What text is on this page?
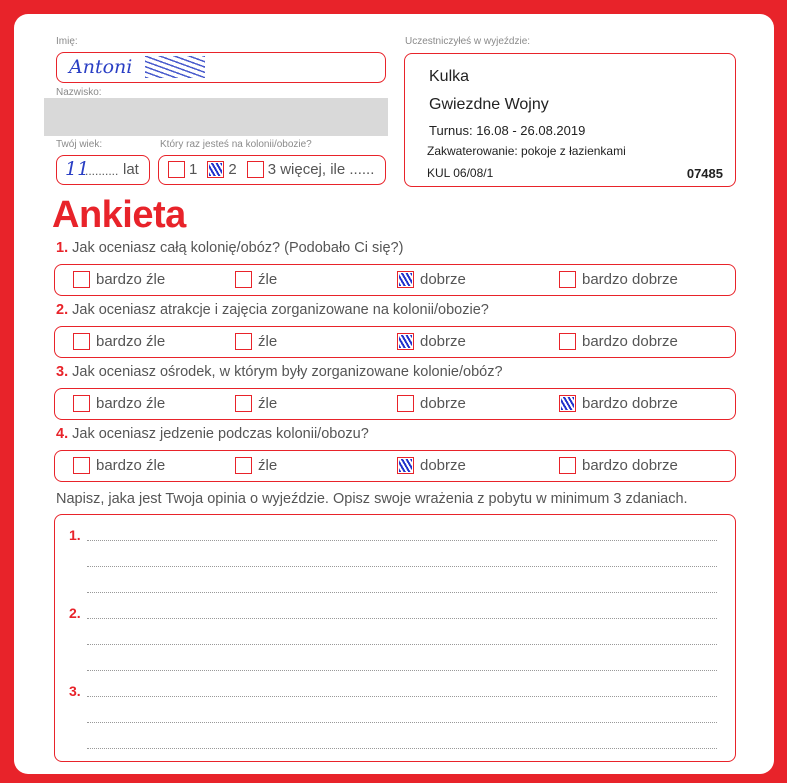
Imię:
Antoni
Nazwisko:
Twój wiek:
11
.......... lat
Który raz jesteś na kolonii/obozie?
1 2 3 więcej, ile ......
Uczestniczyłeś w wyjeździe:
Kulka
Gwiezdne Wojny
Turnus: 16.08 - 26.08.2019
Zakwaterowanie: pokoje z łazienkami
KUL 06/08/1	07485
Ankieta
1. Jak oceniasz całą kolonię/obóz? (Podobało Ci się?)
bardzo źle	źle	dobrze	bardzo dobrze
2. Jak oceniasz atrakcje i zajęcia zorganizowane na kolonii/obozie?
bardzo źle	źle	dobrze	bardzo dobrze
3. Jak oceniasz ośrodek, w którym były zorganizowane kolonie/obóz?
bardzo źle	źle	dobrze	bardzo dobrze
4. Jak oceniasz jedzenie podczas kolonii/obozu?
bardzo źle	źle	dobrze	bardzo dobrze
Napisz, jaka jest Twoja opinia o wyjeździe. Opisz swoje wrażenia z pobytu w minimum 3 zdaniach.
1.
2.
3.
